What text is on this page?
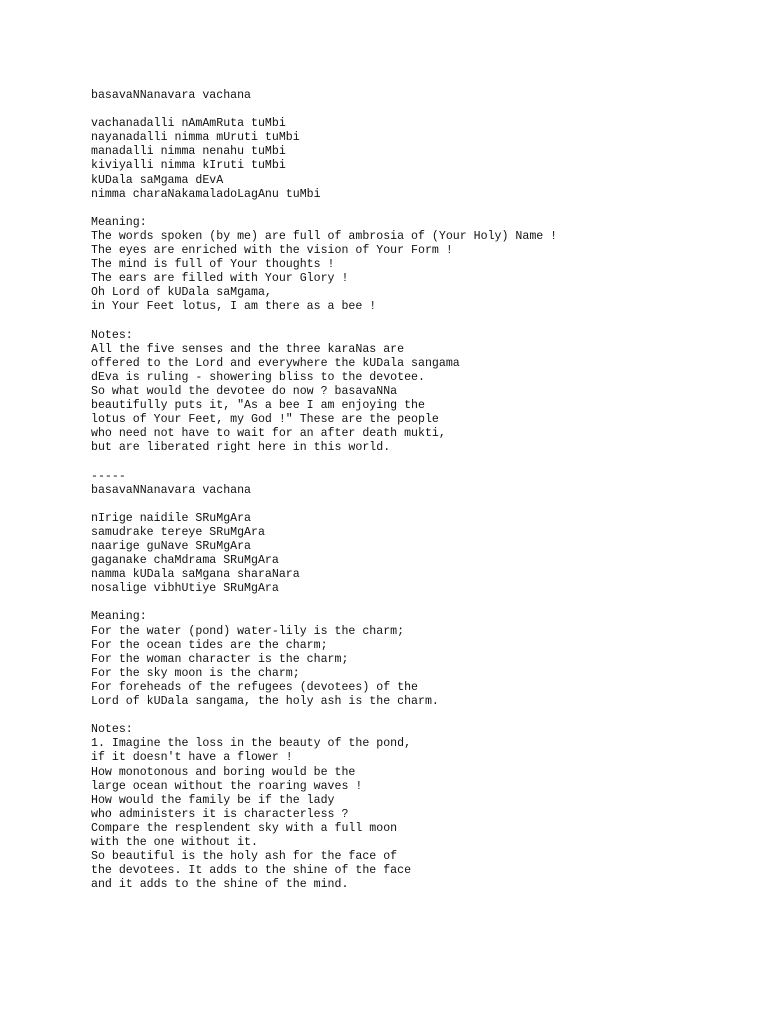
basavaNNanavara vachana
vachanadalli nAmAmRuta tuMbi
nayanadalli nimma mUruti tuMbi
manadalli nimma nenahu tuMbi
kiviyalli nimma kIruti tuMbi
kUDala saMgama dEvA
nimma charaNakamaladoLagAnu tuMbi
Meaning:
The words spoken (by me) are full of ambrosia of (Your Holy) Name !
The eyes are enriched with the vision of Your Form !
The mind is full of Your thoughts !
The ears are filled with Your Glory !
Oh Lord of kUDala saMgama,
in Your Feet lotus, I am there as a bee !
Notes:
All the five senses and the three karaNas are
offered to the Lord and everywhere the kUDala sangama
dEva is ruling - showering bliss to the devotee.
So what would the devotee do now ? basavaNNa
beautifully puts it, "As a bee I am enjoying the
lotus of Your Feet, my God !" These are the people
who need not have to wait for an after death mukti,
but are liberated right here in this world.
-----
basavaNNanavara vachana
nIrige naidile SRuMgAra
samudrake tereye SRuMgAra
naarige guNave SRuMgAra
gaganake chaMdrama SRuMgAra
namma kUDala saMgana sharaNara
nosalige vibhUtiye SRuMgAra
Meaning:
For the water (pond) water-lily is the charm;
For the ocean tides are the charm;
For the woman character is the charm;
For the sky moon is the charm;
For foreheads of the refugees (devotees) of the
Lord of kUDala sangama, the holy ash is the charm.
Notes:
1. Imagine the loss in the beauty of the pond,
if it doesn't have a flower !
How monotonous and boring would be the
large ocean without the roaring waves !
How would the family be if the lady
who administers it is characterless ?
Compare the resplendent sky with a full moon
with the one without it.
So beautiful is the holy ash for the face of
the devotees. It adds to the shine of the face
and it adds to the shine of the mind.
